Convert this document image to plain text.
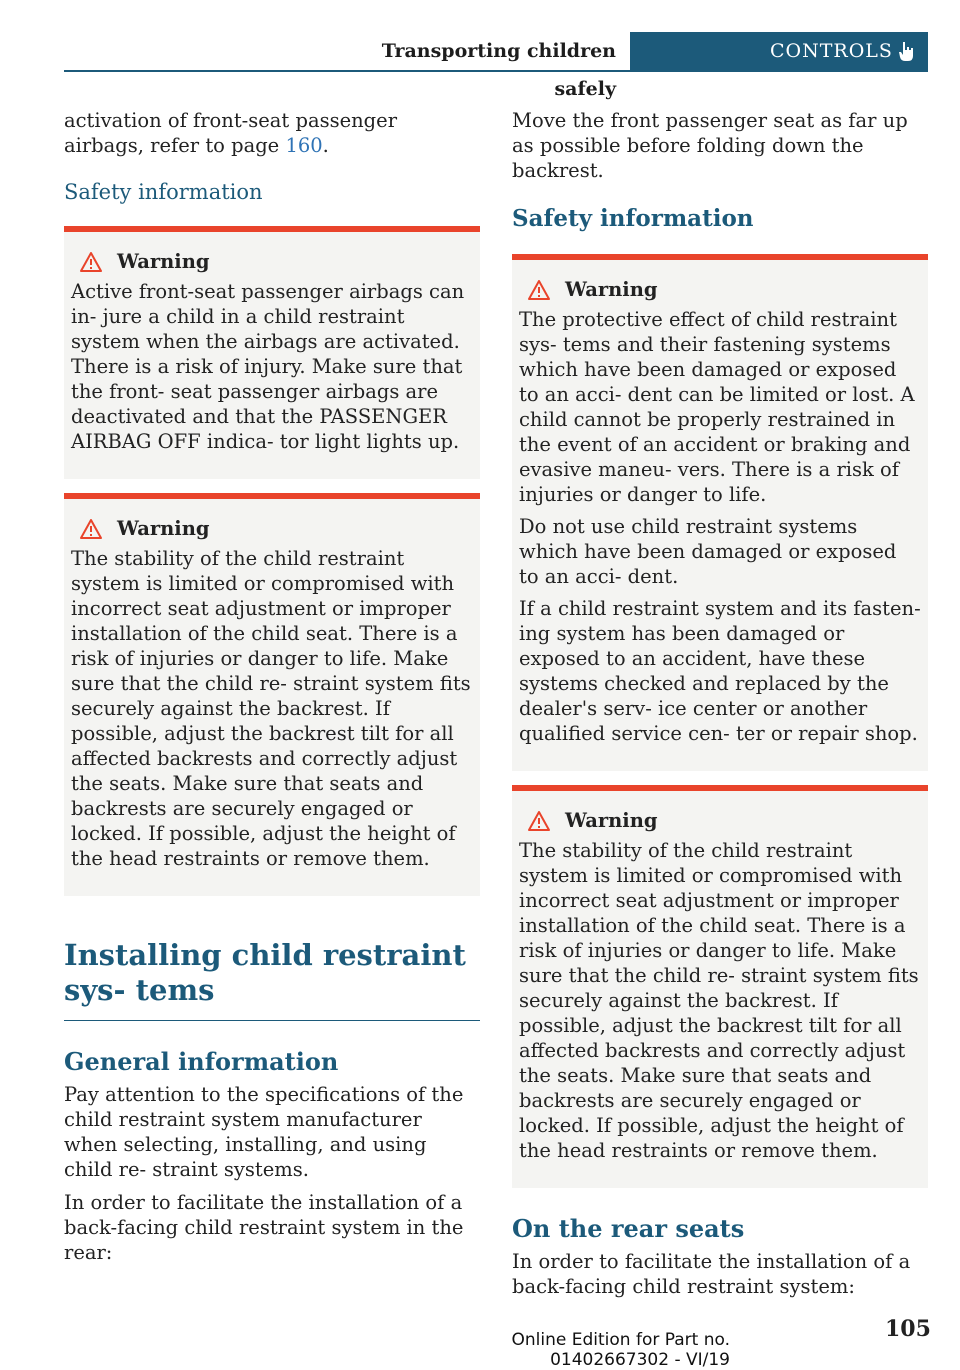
Transporting children safely
CONTROLS

activation of front-seat passenger airbags, refer to page 160.

Safety information
Warning

Active front-seat passenger airbags can in‐ jure a child in a child restraint system when the airbags are activated. There is a risk of injury. Make sure that the front- seat passenger airbags are deactivated and that the PASSENGER AIRBAG OFF indica‐ tor light lights up.

Warning

The stability of the child restraint system is limited or compromised with incorrect seat adjustment or improper installation of the child seat. There is a risk of injuries or danger to life. Make sure that the child re‐ straint system fits securely against the backrest. If possible, adjust the backrest tilt for all affected backrests and correctly adjust the seats. Make sure that seats and backrests are securely engaged or locked. If possible, adjust the height of the head restraints or remove them.

Installing child restraint sys‐ tems
General information

Pay attention to the specifications of the child restraint system manufacturer when selecting, installing, and using child re‐ straint systems.

In order to facilitate the installation of a back-facing child restraint system in the rear:

Move the front passenger seat as far up as possible before folding down the backrest.

Safety information
Warning

The protective effect of child restraint sys‐ tems and their fastening systems which have been damaged or exposed to an acci‐ dent can be limited or lost. A child cannot be properly restrained in the event of an accident or braking and evasive maneu‐ vers. There is a risk of injuries or danger to life.

Do not use child restraint systems which have been damaged or exposed to an acci‐ dent.

If a child restraint system and its fasten‐ ing system has been damaged or exposed to an accident, have these systems checked and replaced by the dealer's serv‐ ice center or another qualified service cen‐ ter or repair shop.

Warning

The stability of the child restraint system is limited or compromised with incorrect seat adjustment or improper installation of the child seat. There is a risk of injuries or danger to life. Make sure that the child re‐ straint system fits securely against the backrest. If possible, adjust the backrest tilt for all affected backrests and correctly adjust the seats. Make sure that seats and backrests are securely engaged or locked. If possible, adjust the height of the head restraints or remove them.

On the rear seats

In order to facilitate the installation of a back-facing child restraint system:

Online Edition for Part no. 01402667302 - VI/19
105
